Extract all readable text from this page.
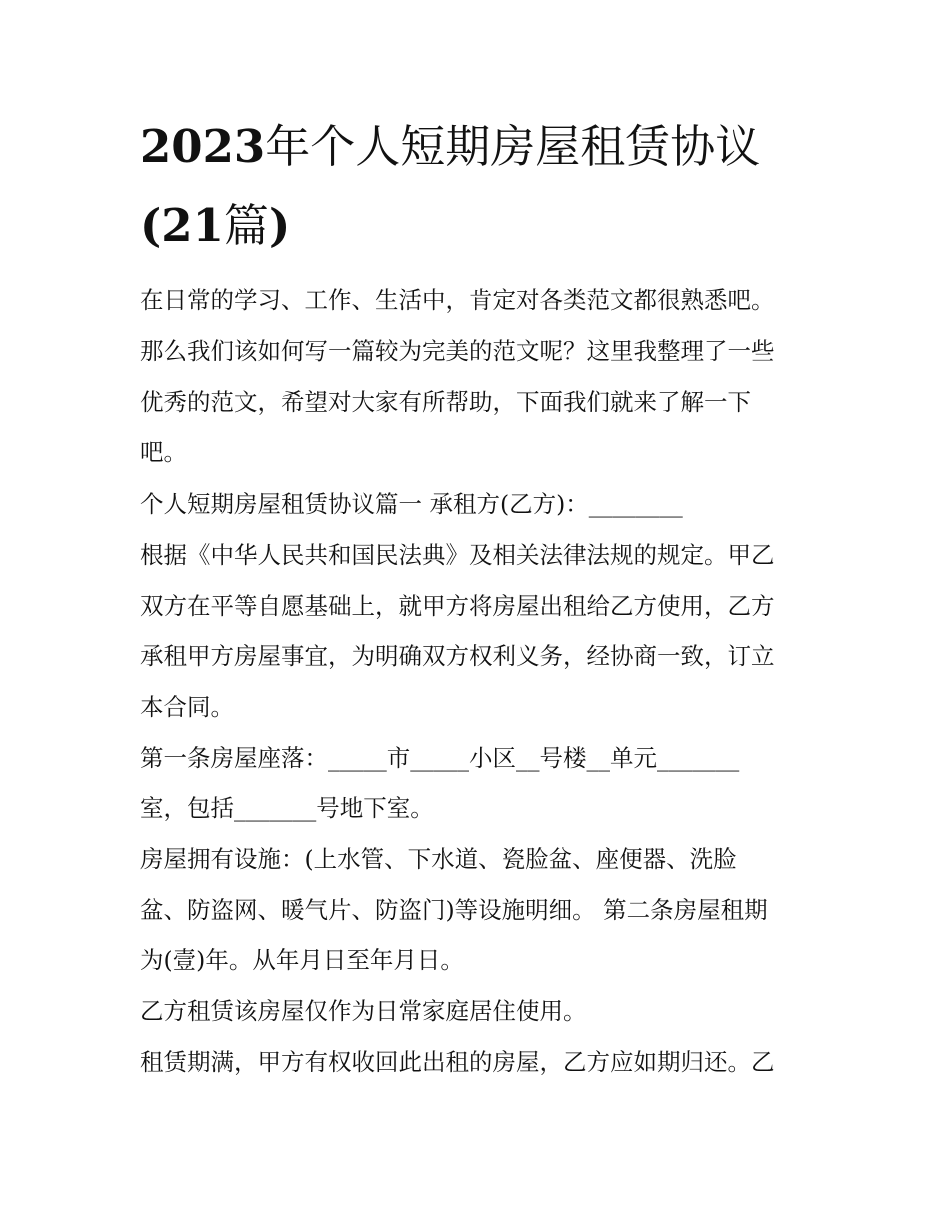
2023年个人短期房屋租赁协议
(21篇)

在日常的学习、工作、生活中，肯定对各类范文都很熟悉吧。

那么我们该如何写一篇较为完美的范文呢？这里我整理了一些

优秀的范文，希望对大家有所帮助，下面我们就来了解一下

吧。

个人短期房屋租赁协议篇一 承租方(乙方)：________

根据《中华人民共和国民法典》及相关法律法规的规定。甲乙

双方在平等自愿基础上，就甲方将房屋出租给乙方使用，乙方

承租甲方房屋事宜，为明确双方权利义务，经协商一致，订立

本合同。

第一条房屋座落：_____市_____小区__号楼__单元_______

室，包括_______号地下室。

房屋拥有设施：(上水管、下水道、瓷脸盆、座便器、洗脸

盆、防盗网、暖气片、防盗门)等设施明细。 第二条房屋租期

为(壹)年。从年月日至年月日。

乙方租赁该房屋仅作为日常家庭居住使用。

租赁期满，甲方有权收回此出租的房屋，乙方应如期归还。乙
